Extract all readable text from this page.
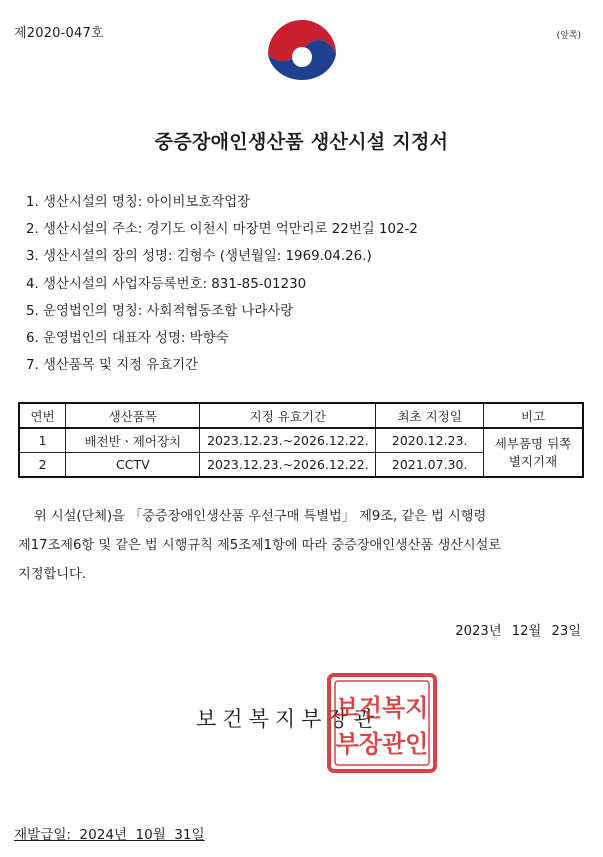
제2020-047호	(앞쪽)
중증장애인생산품 생산시설 지정서
1. 생산시설의 명칭: 아이비보호작업장
2. 생산시설의 주소: 경기도 이천시 마장면 억만리로 22번길 102-2
3. 생산시설의 장의 성명: 김형수 (생년월일: 1969.04.26.)
4. 생산시설의 사업자등록번호: 831-85-01230
5. 운영법인의 명칭: 사회적협동조합 나라사랑
6. 운영법인의 대표자 성명: 박향숙
7. 생산품목 및 지정 유효기간
연번	생산품목	지정 유효기간	최초 지정일	비고
1	배전반ㆍ제어장치	2023.12.23.~2026.12.22.	2020.12.23.	세부품명 뒤쪽 별지기재
2	CCTV	2023.12.23.~2026.12.22.	2021.07.30.	
위 시설(단체)을 「중증장애인생산품 우선구매 특별법」 제9조, 같은 법 시행령
제17조제6항 및 같은 법 시행규칙 제5조제1항에 따라 중증장애인생산품 생산시설로
지정합니다.
2023년 12월 23일
보건복지부장관
보건복지
부장관인
재발급일: 2024년 10월 31일
